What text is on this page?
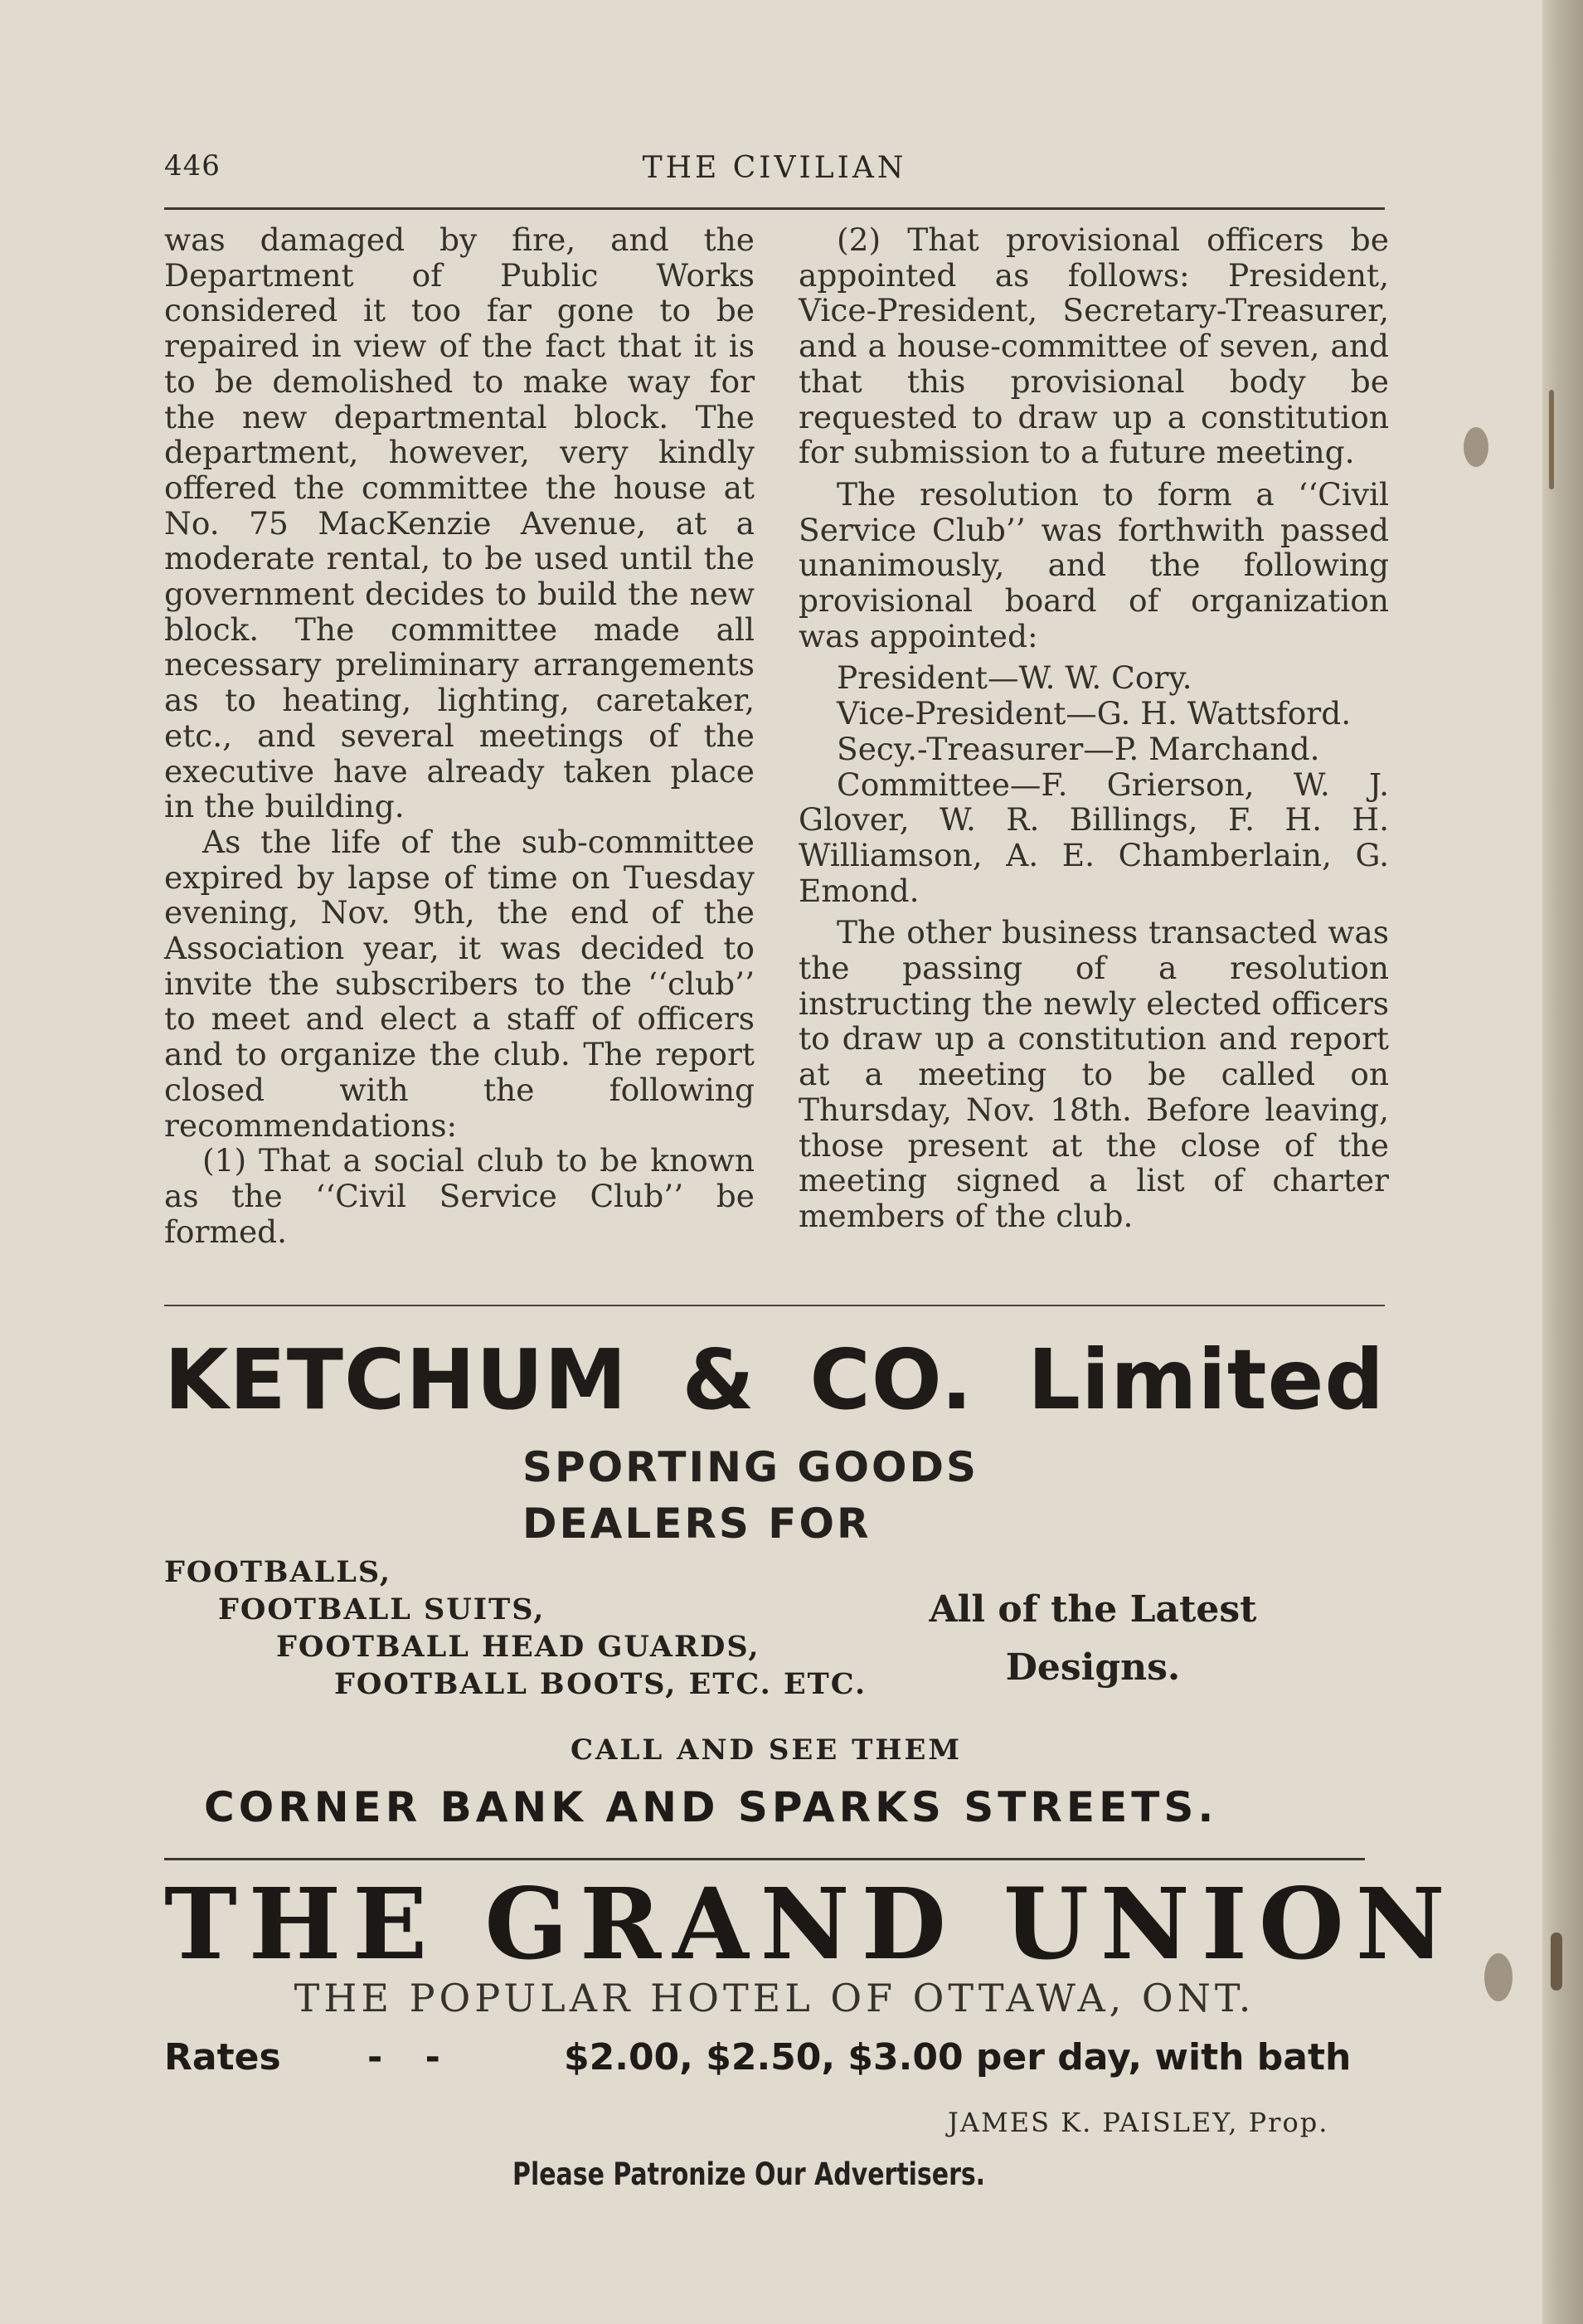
446	THE CIVILIAN

was damaged by fire, and the Department of Public Works considered it too far gone to be repaired in view of the fact that it is to be demolished to make way for the new departmental block. The department, however, very kindly offered the committee the house at No. 75 MacKenzie Avenue, at a moderate rental, to be used until the government decides to build the new block. The committee made all necessary preliminary arrangements as to heating, lighting, caretaker, etc., and several meetings of the executive have already taken place in the building.

As the life of the sub-committee expired by lapse of time on Tuesday evening, Nov. 9th, the end of the Association year, it was decided to invite the subscribers to the ‘‘club’’ to meet and elect a staff of officers and to organize the club. The report closed with the following recommendations:

(1) That a social club to be known as the ‘‘Civil Service Club’’ be formed.

(2) That provisional officers be appointed as follows: President, Vice-President, Secretary-Treasurer, and a house-committee of seven, and that this provisional body be requested to draw up a constitution for submission to a future meeting.

The resolution to form a ‘‘Civil Service Club’’ was forthwith passed unanimously, and the following provisional board of organization was appointed:

President—W. W. Cory.

Vice-President—G. H. Wattsford.

Secy.-Treasurer—P. Marchand.

Committee—F. Grierson, W. J. Glover, W. R. Billings, F. H. H. Williamson, A. E. Chamberlain, G. Emond.

The other business transacted was the passing of a resolution instructing the newly elected officers to draw up a constitution and report at a meeting to be called on Thursday, Nov. 18th. Before leaving, those present at the close of the meeting signed a list of charter members of the club.

KETCHUM & CO. Limited
SPORTING GOODS
DEALERS FOR
FOOTBALLS,
FOOTBALL SUITS,
FOOTBALL HEAD GUARDS,
FOOTBALL BOOTS, ETC. ETC.
All of the Latest
Designs.
CALL AND SEE THEM
CORNER BANK AND SPARKS STREETS.
THE GRAND UNION
THE POPULAR HOTEL OF OTTAWA, ONT.
Rates - -	$2.00, $2.50, $3.00 per day, with bath
JAMES K. PAISLEY, Prop.
Please Patronize Our Advertisers.
